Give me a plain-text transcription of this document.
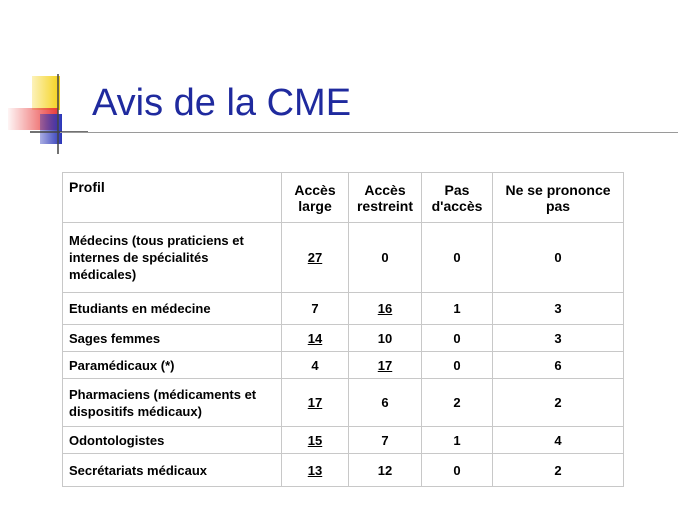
Avis de la CME
Profil	Accès large	Accès restreint	Pas d'accès	Ne se prononce pas
Médecins (tous praticiens et internes de spécialités médicales)	27	0	0	0
Etudiants en médecine	7	16	1	3
Sages femmes	14	10	0	3
Paramédicaux (*)	4	17	0	6
Pharmaciens (médicaments et dispositifs médicaux)	17	6	2	2
Odontologistes	15	7	1	4
Secrétariats médicaux	13	12	0	2
